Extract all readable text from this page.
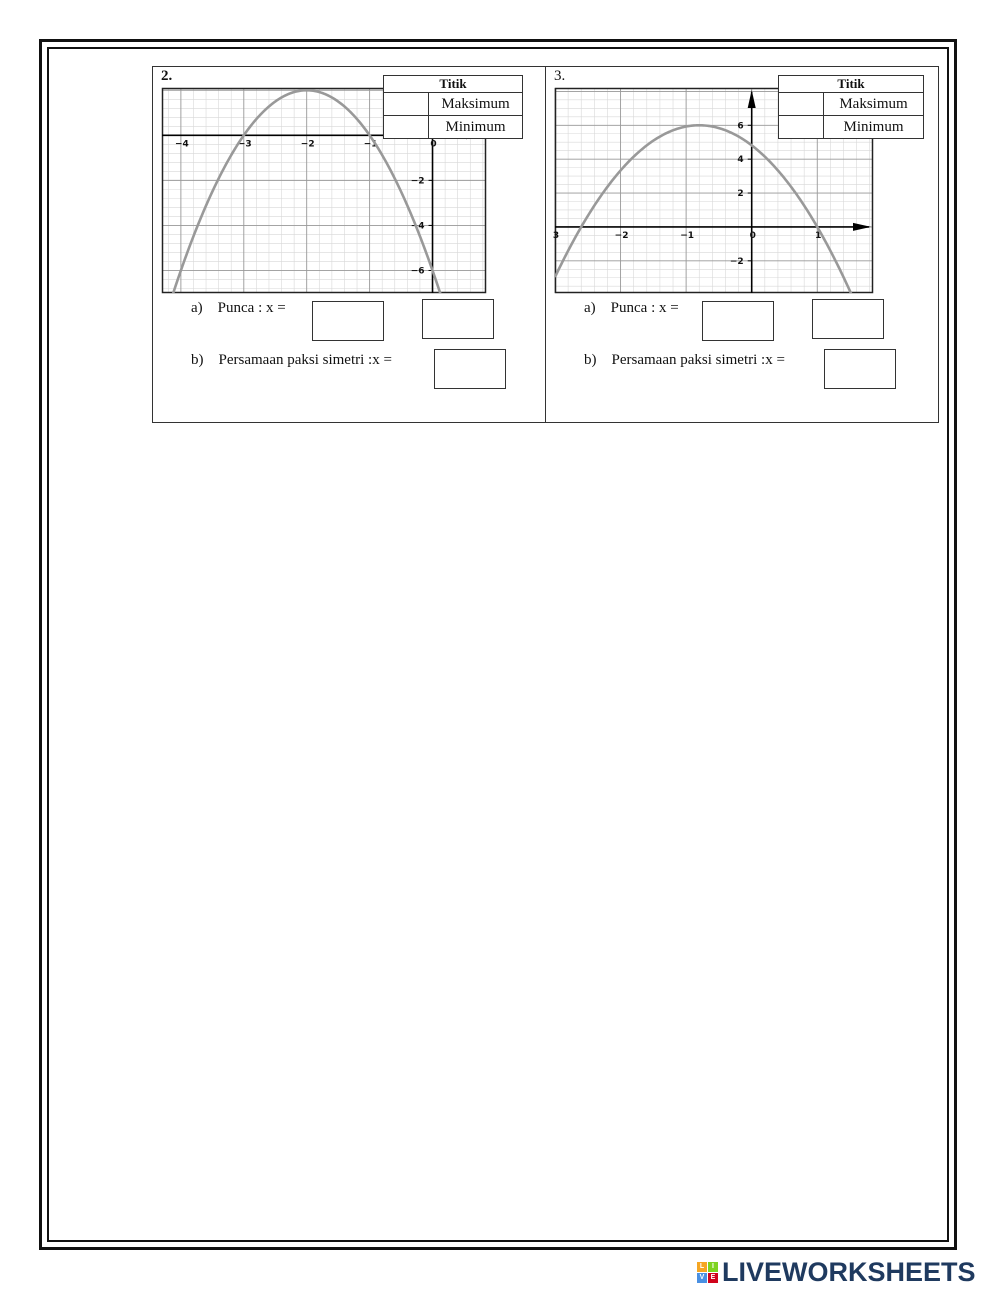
2.
−4	−3	−2	−1	0
−2
−4
−6
Titik	
	Maksimum
	Minimum
a) Punca : x =
b) Persamaan paksi simetri :x =
3.
3	−2	−1	0	1
6
4
2
−2
Titik	
	Maksimum
	Minimum
a) Punca : x =
b) Persamaan paksi simetri :x =
L	I
V E LIVEWORKSHEETS
